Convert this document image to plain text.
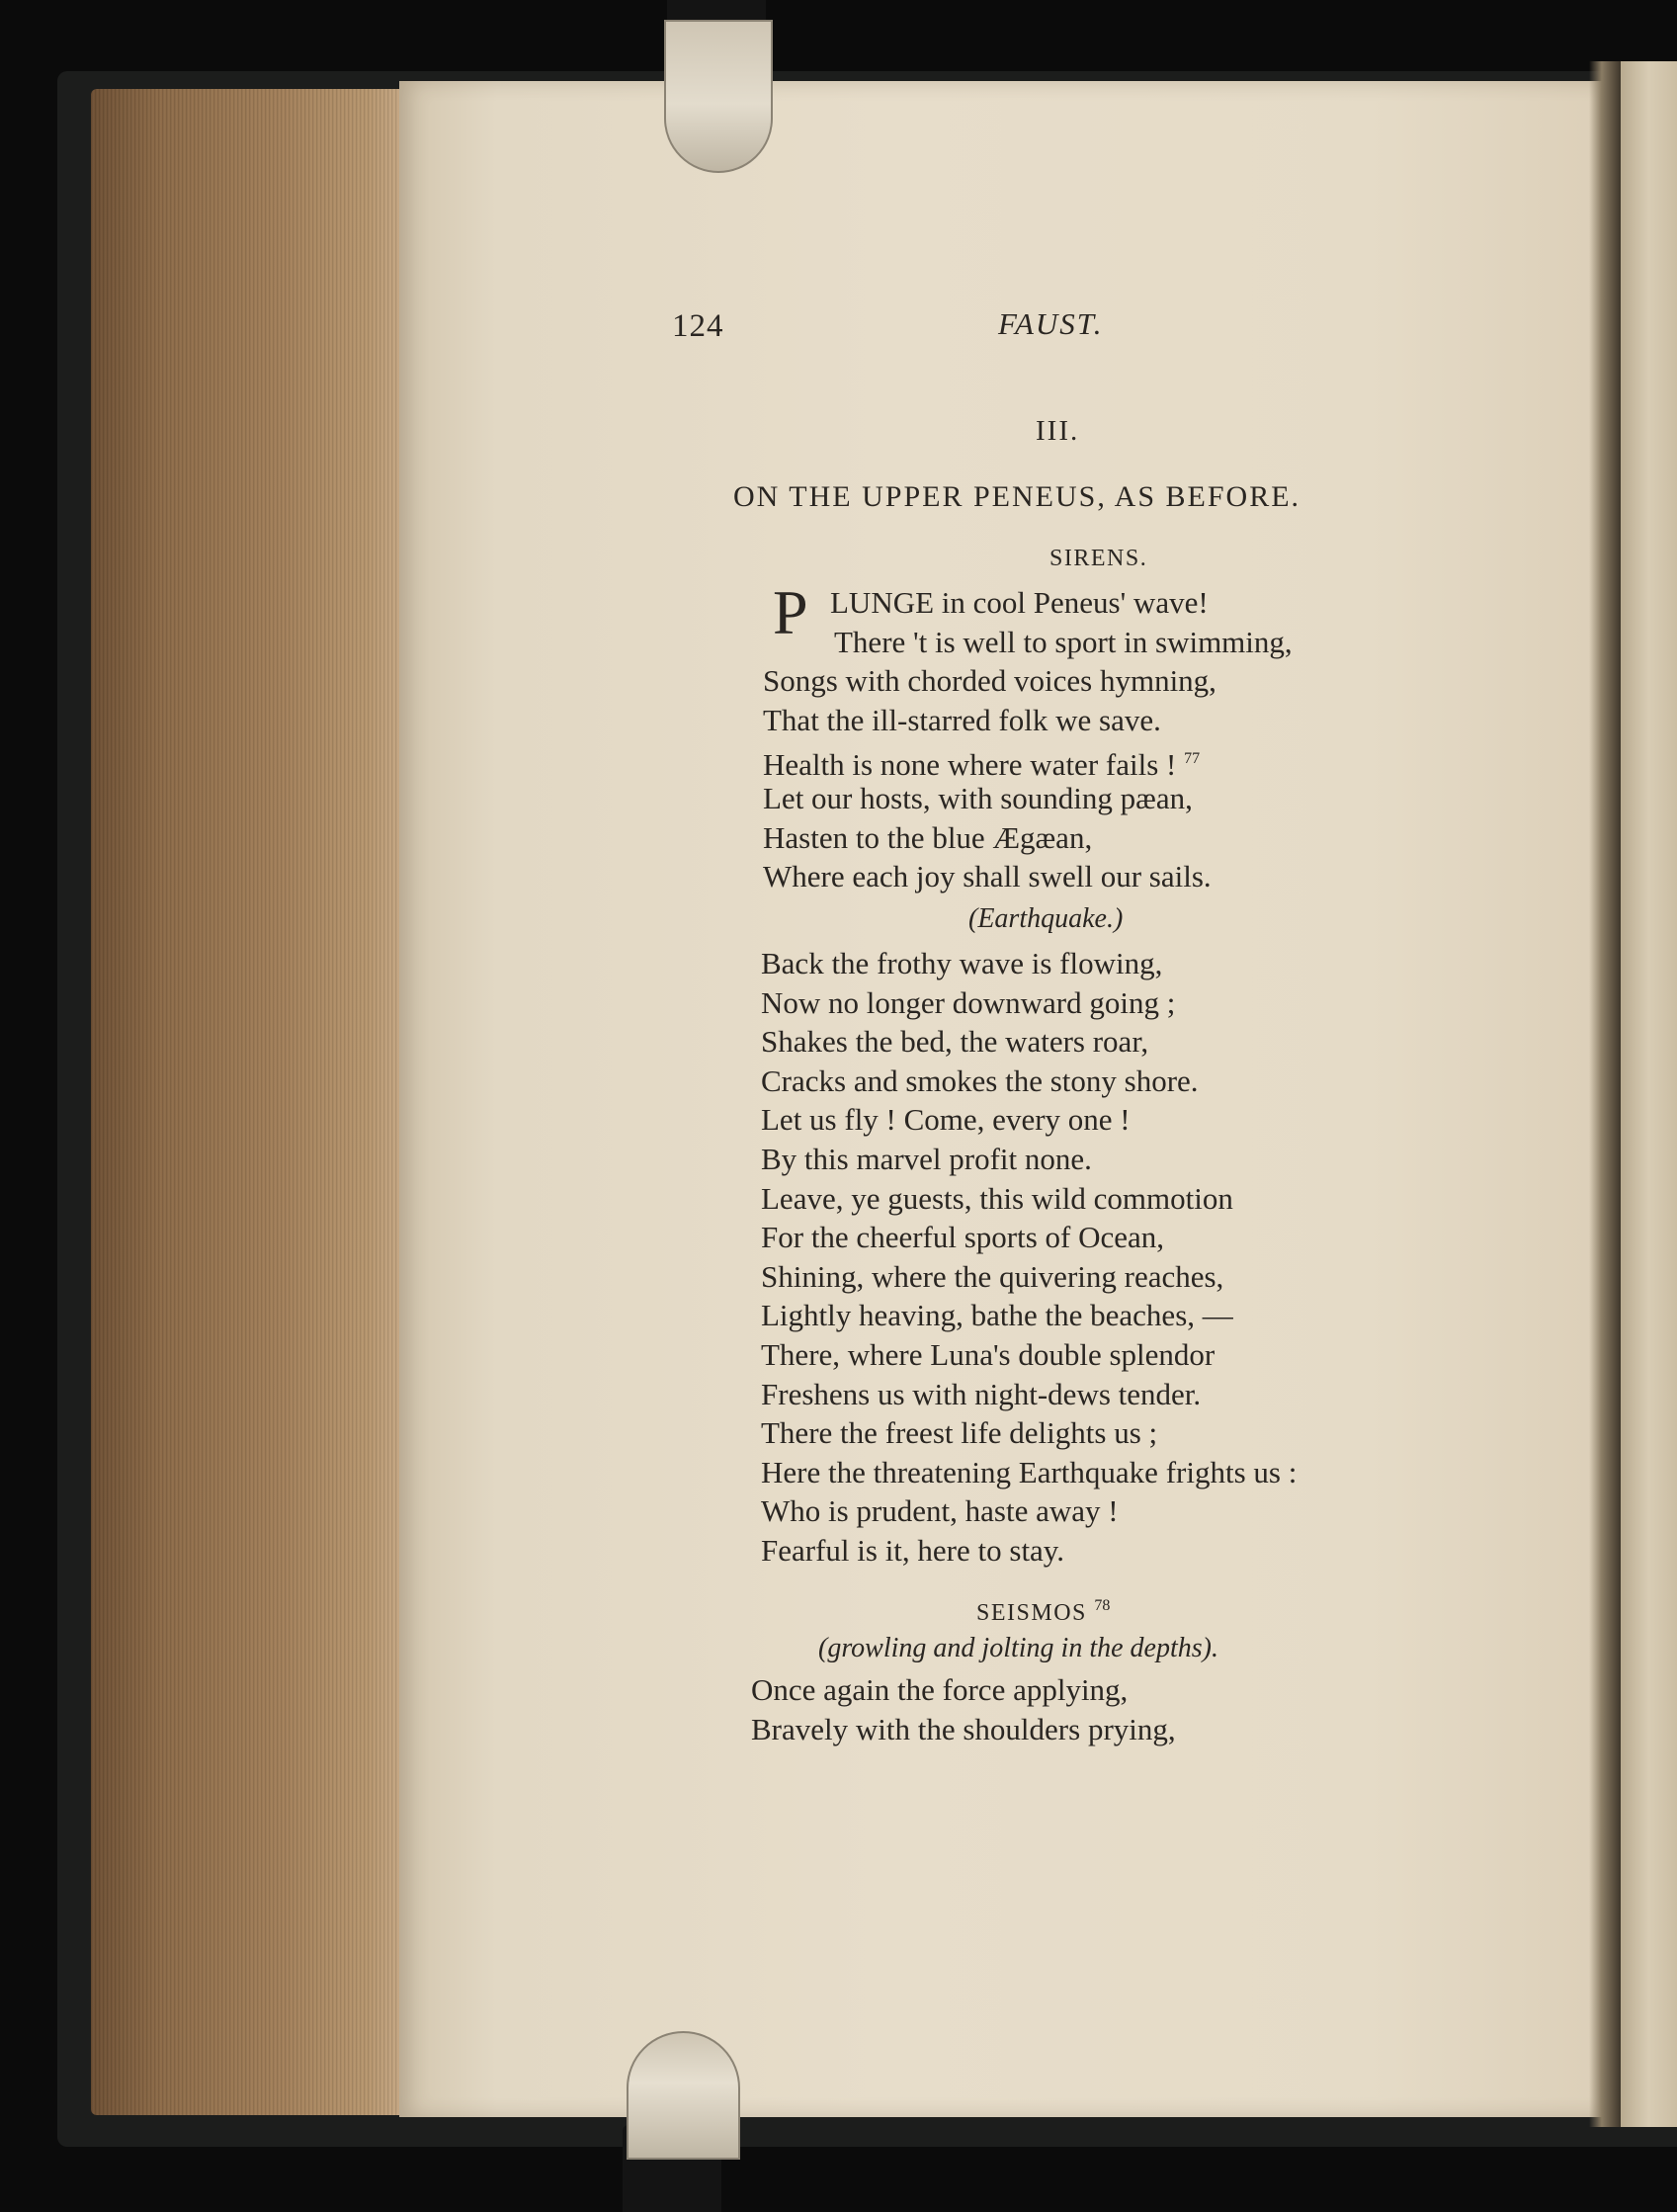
124	FAUST.
III.
ON THE UPPER PENEUS, AS BEFORE.
SIRENS.
P LUNGE in cool Peneus' wave!

There 't is well to sport in swimming,

Songs with chorded voices hymning,

That the ill-starred folk we save.

Health is none where water fails ! $^{77}$

Let our hosts, with sounding pæan,

Hasten to the blue Ægæan,

Where each joy shall swell our sails.

(Earthquake.)

Back the frothy wave is flowing,

Now no longer downward going ;

Shakes the bed, the waters roar,

Cracks and smokes the stony shore.

Let us fly ! Come, every one !

By this marvel profit none.

Leave, ye guests, this wild commotion

For the cheerful sports of Ocean,

Shining, where the quivering reaches,

Lightly heaving, bathe the beaches, —

There, where Luna's double splendor

Freshens us with night-dews tender.

There the freest life delights us ;

Here the threatening Earthquake frights us :

Who is prudent, haste away !

Fearful is it, here to stay.

SEISMOS $^{78}$
(growling and jolting in the depths).

Once again the force applying,

Bravely with the shoulders prying,
